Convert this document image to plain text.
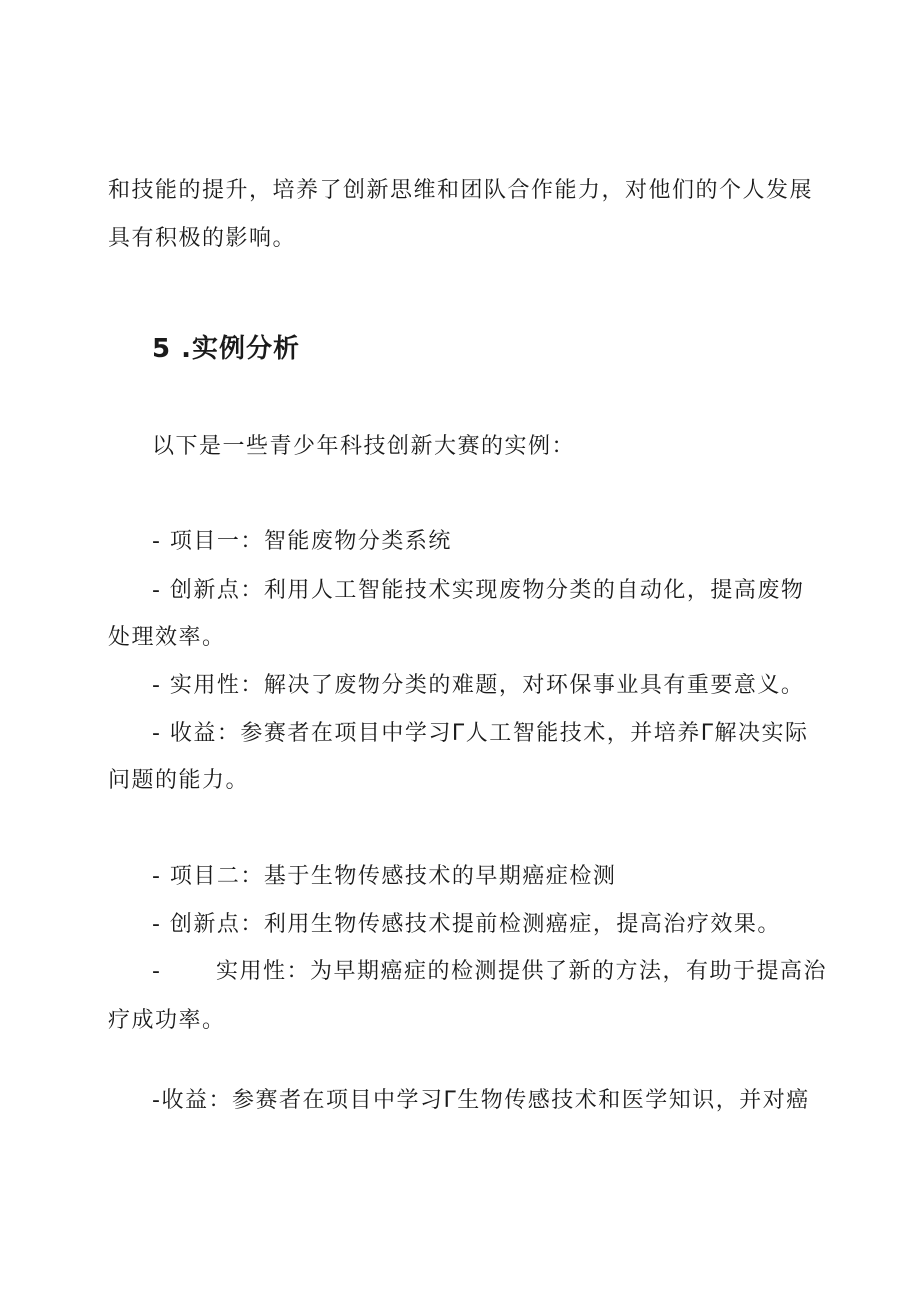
和技能的提升，培养了创新思维和团队合作能力，对他们的个人发展
具有积极的影响。
5 .实例分析
以下是一些青少年科技创新大赛的实例：
- 项目一：智能废物分类系统
- 创新点：利用人工智能技术实现废物分类的自动化，提高废物
处理效率。
- 实用性：解决了废物分类的难题，对环保事业具有重要意义。
- 收益：参赛者在项目中学习Γ人工智能技术，并培养Γ解决实际
问题的能力。
- 项目二：基于生物传感技术的早期癌症检测
- 创新点：利用生物传感技术提前检测癌症，提高治疗效果。
- 实用性：为早期癌症的检测提供了新的方法，有助于提高治
疗成功率。
-收益：参赛者在项目中学习Γ生物传感技术和医学知识，并对癌
